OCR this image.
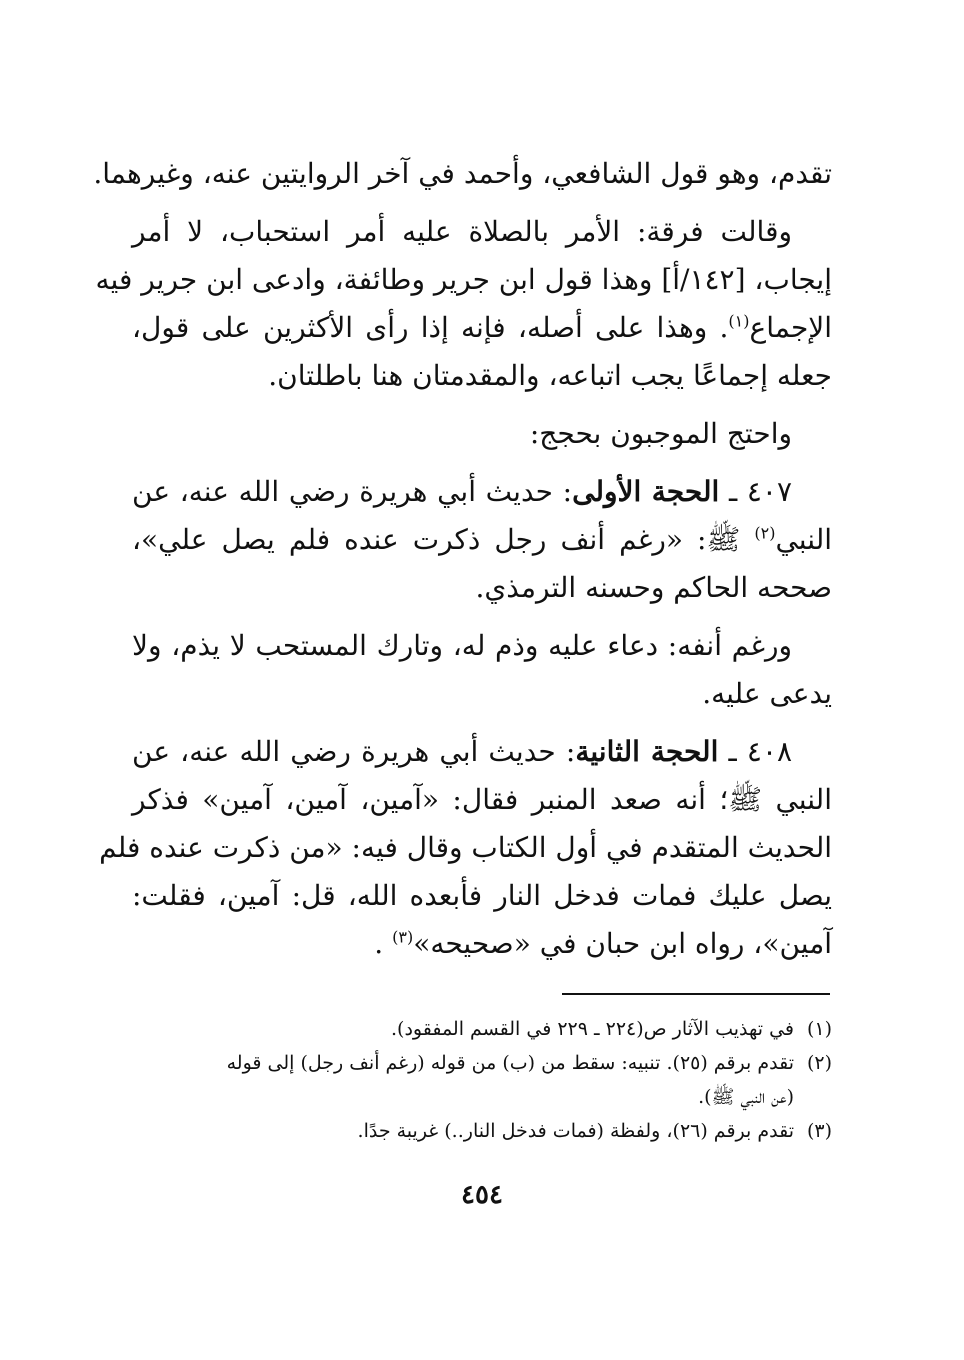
تقدم، وهو قول الشافعي، وأحمد في آخر الروايتين عنه، وغيرهما.
وقالت فرقة: الأمر بالصلاة عليه أمر استحباب، لا أمر
إيجاب، [١٤٢/أ] وهذا قول ابن جرير وطائفة، وادعى ابن جرير فيه
الإجماع$^{(١)}$. وهذا على أصله، فإنه إذا رأى الأكثرين على قول،
جعله إجماعًا يجب اتباعه، والمقدمتان هنا باطلتان.
واحتج الموجبون بحجج:
٤٠٧ ـ الحجة الأولى: حديث أبي هريرة رضي الله عنه، عن
النبي$^{(٢)}$ ﷺ: «رغم أنف رجل ذكرت عنده فلم يصل علي»،
صححه الحاكم وحسنه الترمذي.
ورغم أنفه: دعاء عليه وذم له، وتارك المستحب لا يذم، ولا
يدعى عليه.
٤٠٨ ـ الحجة الثانية: حديث أبي هريرة رضي الله عنه، عن
النبي ﷺ؛ أنه صعد المنبر فقال: «آمين، آمين، آمين» فذكر
الحديث المتقدم في أول الكتاب وقال فيه: «من ذكرت عنده فلم
يصل عليك فمات فدخل النار فأبعده الله، قل: آمين، فقلت:
آمين»، رواه ابن حبان في «صحيحه»$^{(٣)}$ .
(١)في تهذيب الآثار ص(٢٢٤ ـ ٢٢٩ في القسم المفقود).
(٢)تقدم برقم (٢٥). تنبيه: سقط من (ب) من قوله (رغم أنف رجل) إلى قوله
(عن النبي ﷺ).
(٣)تقدم برقم (٢٦)، ولفظة (فمات فدخل النار..) غريبة جدًا.
٤٥٤
